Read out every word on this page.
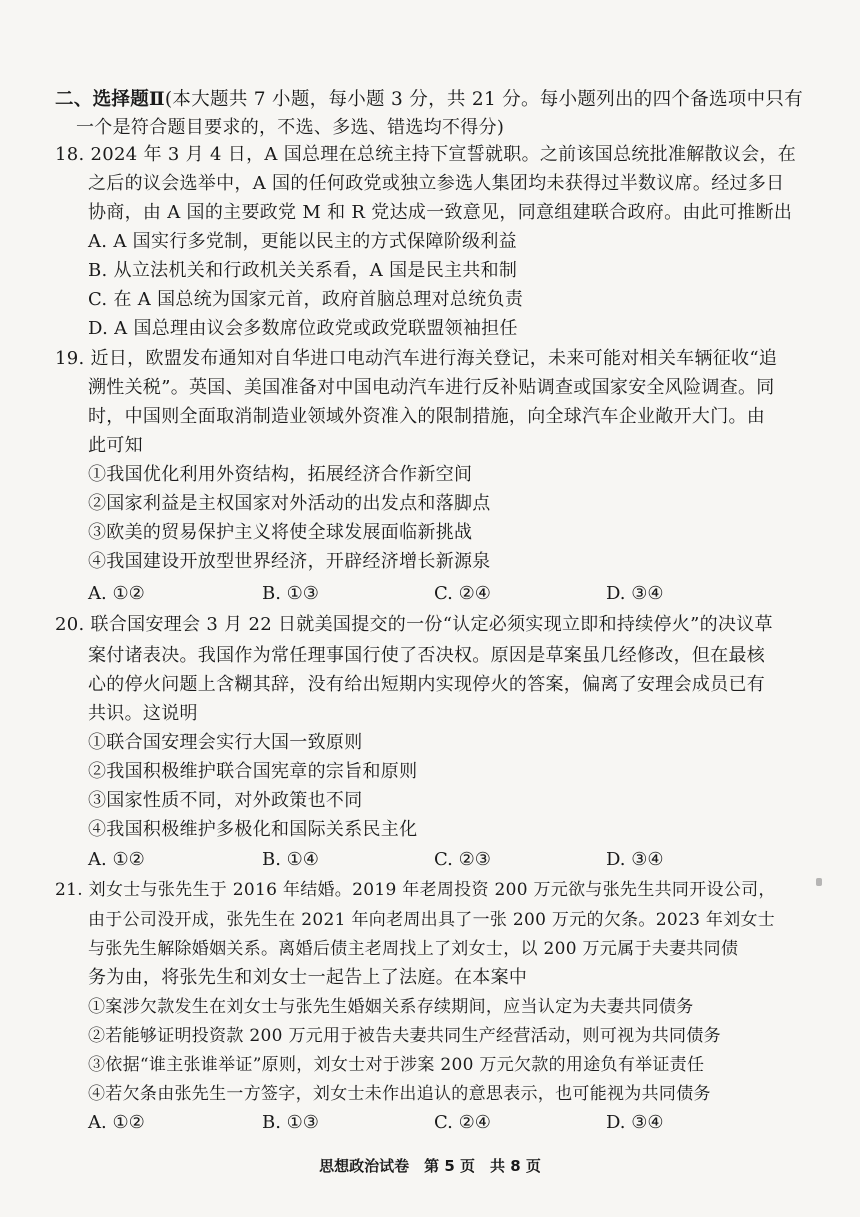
二、选择题Ⅱ(本大题共 7 小题，每小题 3 分，共 21 分。每小题列出的四个备选项中只有
一个是符合题目要求的，不选、多选、错选均不得分)
18. 2024 年 3 月 4 日，A 国总理在总统主持下宣誓就职。之前该国总统批准解散议会，在
之后的议会选举中，A 国的任何政党或独立参选人集团均未获得过半数议席。经过多日
协商，由 A 国的主要政党 M 和 R 党达成一致意见，同意组建联合政府。由此可推断出
A. A 国实行多党制，更能以民主的方式保障阶级利益
B. 从立法机关和行政机关关系看，A 国是民主共和制
C. 在 A 国总统为国家元首，政府首脑总理对总统负责
D. A 国总理由议会多数席位政党或政党联盟领袖担任
19. 近日，欧盟发布通知对自华进口电动汽车进行海关登记，未来可能对相关车辆征收“追
溯性关税”。英国、美国准备对中国电动汽车进行反补贴调查或国家安全风险调查。同
时，中国则全面取消制造业领域外资准入的限制措施，向全球汽车企业敞开大门。由
此可知
①我国优化利用外资结构，拓展经济合作新空间
②国家利益是主权国家对外活动的出发点和落脚点
③欧美的贸易保护主义将使全球发展面临新挑战
④我国建设开放型世界经济，开辟经济增长新源泉
A. ①②	B. ①③	C. ②④	D. ③④
20. 联合国安理会 3 月 22 日就美国提交的一份“认定必须实现立即和持续停火”的决议草
案付诸表决。我国作为常任理事国行使了否决权。原因是草案虽几经修改，但在最核
心的停火问题上含糊其辞，没有给出短期内实现停火的答案，偏离了安理会成员已有
共识。这说明
①联合国安理会实行大国一致原则
②我国积极维护联合国宪章的宗旨和原则
③国家性质不同，对外政策也不同
④我国积极维护多极化和国际关系民主化
A. ①②	B. ①④	C. ②③	D. ③④
21. 刘女士与张先生于 2016 年结婚。2019 年老周投资 200 万元欲与张先生共同开设公司，
由于公司没开成，张先生在 2021 年向老周出具了一张 200 万元的欠条。2023 年刘女士
与张先生解除婚姻关系。离婚后债主老周找上了刘女士，以 200 万元属于夫妻共同债
务为由，将张先生和刘女士一起告上了法庭。在本案中
①案涉欠款发生在刘女士与张先生婚姻关系存续期间，应当认定为夫妻共同债务
②若能够证明投资款 200 万元用于被告夫妻共同生产经营活动，则可视为共同债务
③依据“谁主张谁举证”原则，刘女士对于涉案 200 万元欠款的用途负有举证责任
④若欠条由张先生一方签字，刘女士未作出追认的意思表示，也可能视为共同债务
A. ①②	B. ①③	C. ②④	D. ③④
思想政治试卷　第 5 页　共 8 页
